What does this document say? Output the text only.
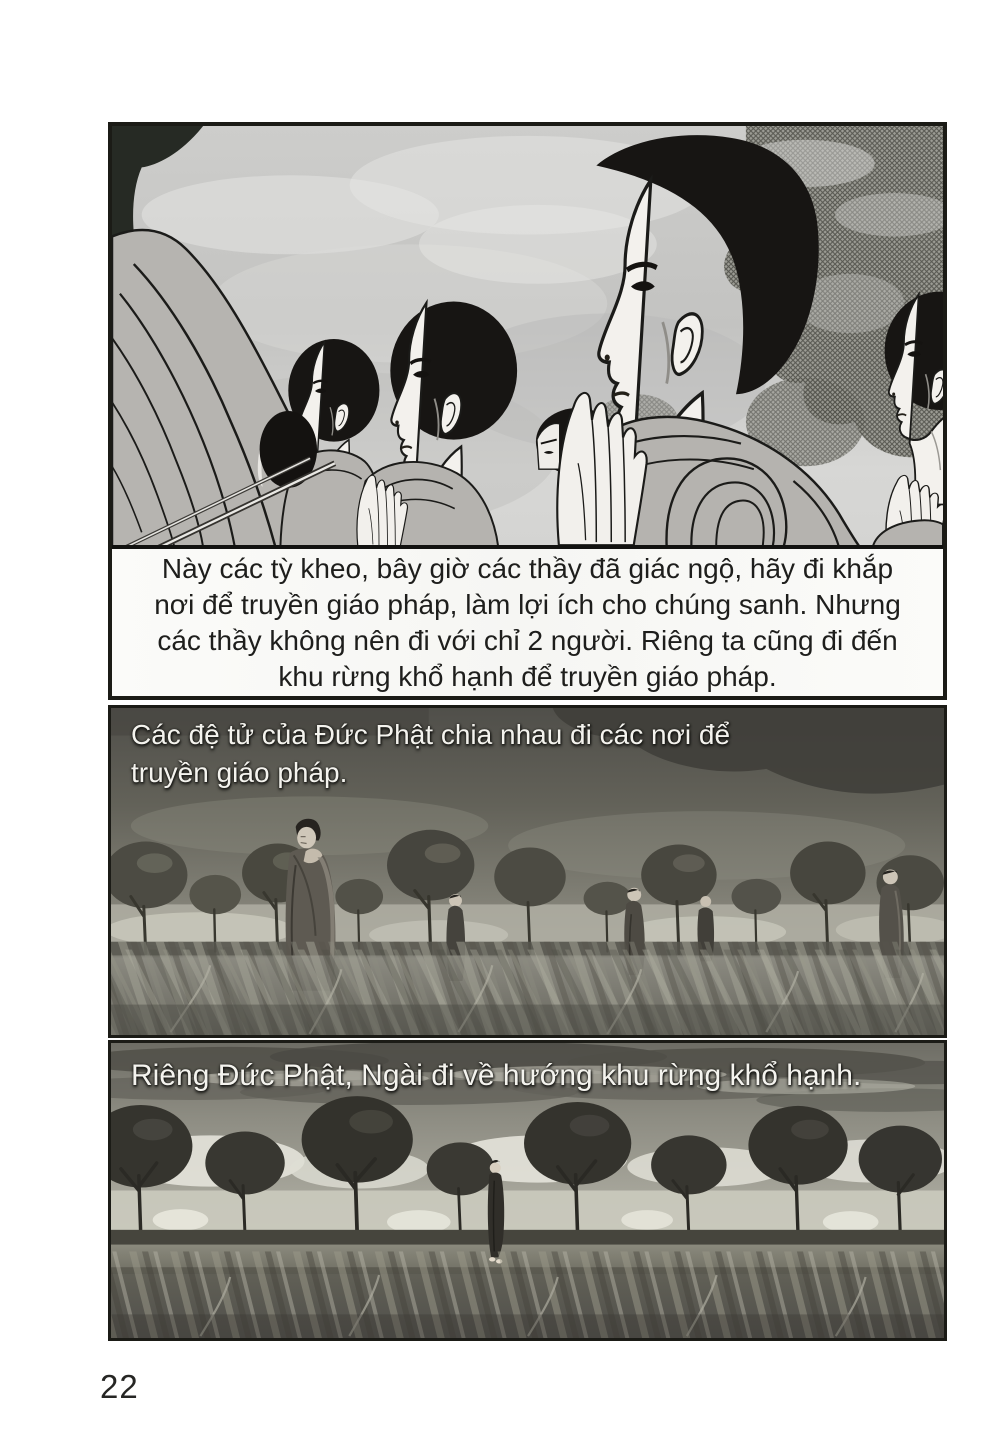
Này các tỳ kheo, bây giờ các thầy đã giác ngộ, hãy đi khắp
nơi để truyền giáo pháp, làm lợi ích cho chúng sanh. Nhưng
các thầy không nên đi với chỉ 2 người. Riêng ta cũng đi đến
khu rừng khổ hạnh để truyền giáo pháp.
Các đệ tử của Đức Phật chia nhau đi các nơi để
truyền giáo pháp.
Riêng Đức Phật, Ngài đi về hướng khu rừng khổ hạnh.
22
